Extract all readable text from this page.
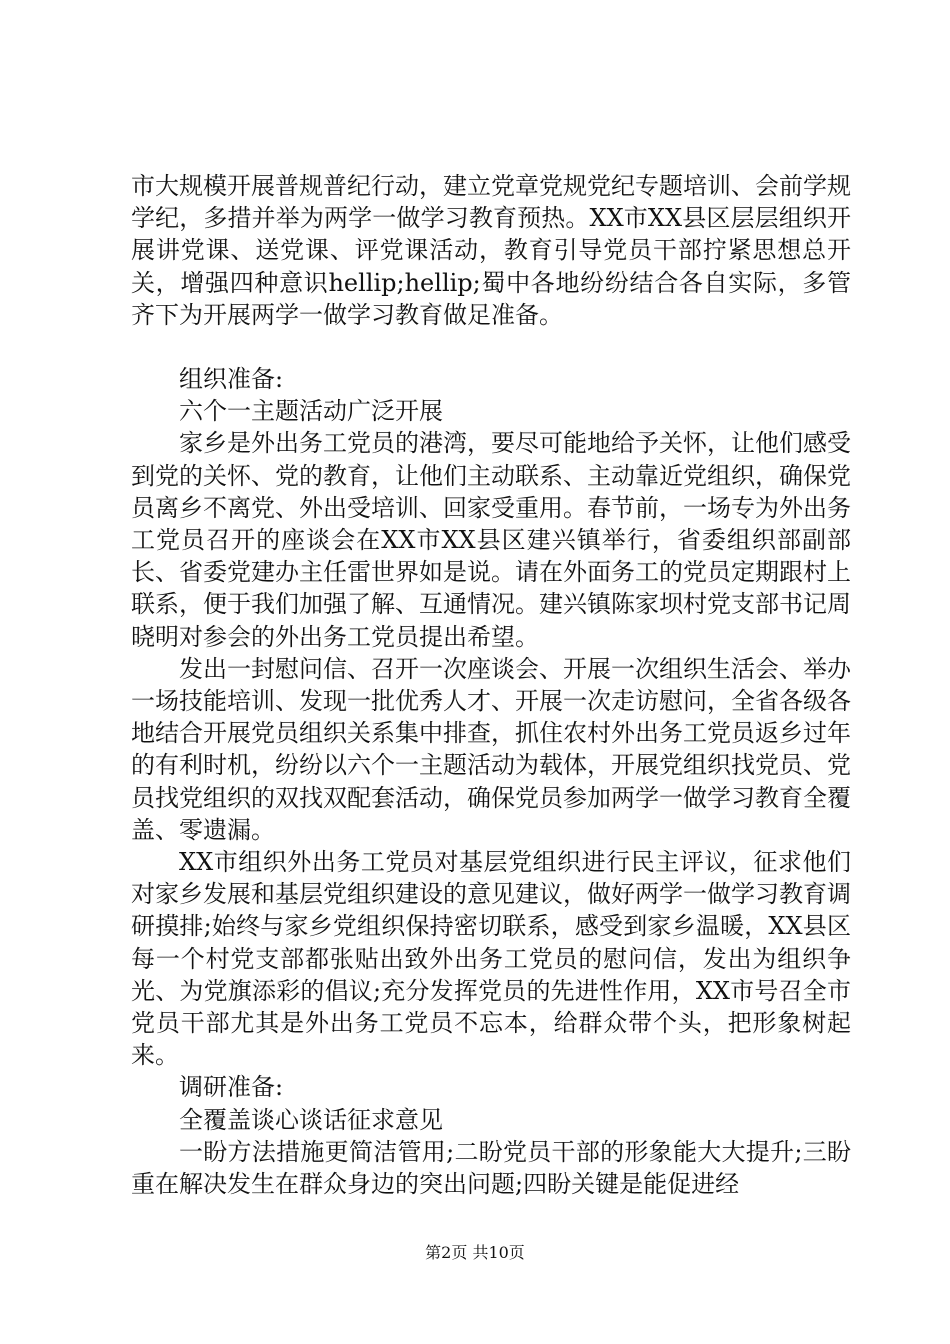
市大规模开展普规普纪行动，建立党章党规党纪专题培训、会前学规学纪，多措并举为两学一做学习教育预热。XX市XX县区层层组织开展讲党课、送党课、评党课活动，教育引导党员干部拧紧思想总开关，增强四种意识hellip;hellip;蜀中各地纷纷结合各自实际，多管齐下为开展两学一做学习教育做足准备。

组织准备:

六个一主题活动广泛开展

家乡是外出务工党员的港湾，要尽可能地给予关怀，让他们感受到党的关怀、党的教育，让他们主动联系、主动靠近党组织，确保党员离乡不离党、外出受培训、回家受重用。春节前，一场专为外出务工党员召开的座谈会在XX市XX县区建兴镇举行，省委组织部副部长、省委党建办主任雷世界如是说。请在外面务工的党员定期跟村上联系，便于我们加强了解、互通情况。建兴镇陈家坝村党支部书记周晓明对参会的外出务工党员提出希望。

发出一封慰问信、召开一次座谈会、开展一次组织生活会、举办一场技能培训、发现一批优秀人才、开展一次走访慰问，全省各级各地结合开展党员组织关系集中排查，抓住农村外出务工党员返乡过年的有利时机，纷纷以六个一主题活动为载体，开展党组织找党员、党员找党组织的双找双配套活动，确保党员参加两学一做学习教育全覆盖、零遗漏。

XX市组织外出务工党员对基层党组织进行民主评议，征求他们对家乡发展和基层党组织建设的意见建议，做好两学一做学习教育调研摸排;始终与家乡党组织保持密切联系，感受到家乡温暖，XX县区每一个村党支部都张贴出致外出务工党员的慰问信，发出为组织争光、为党旗添彩的倡议;充分发挥党员的先进性作用，XX市号召全市党员干部尤其是外出务工党员不忘本，给群众带个头，把形象树起来。

调研准备:

全覆盖谈心谈话征求意见

一盼方法措施更简洁管用;二盼党员干部的形象能大大提升;三盼重在解决发生在群众身边的突出问题;四盼关键是能促进经

第2页 共10页
